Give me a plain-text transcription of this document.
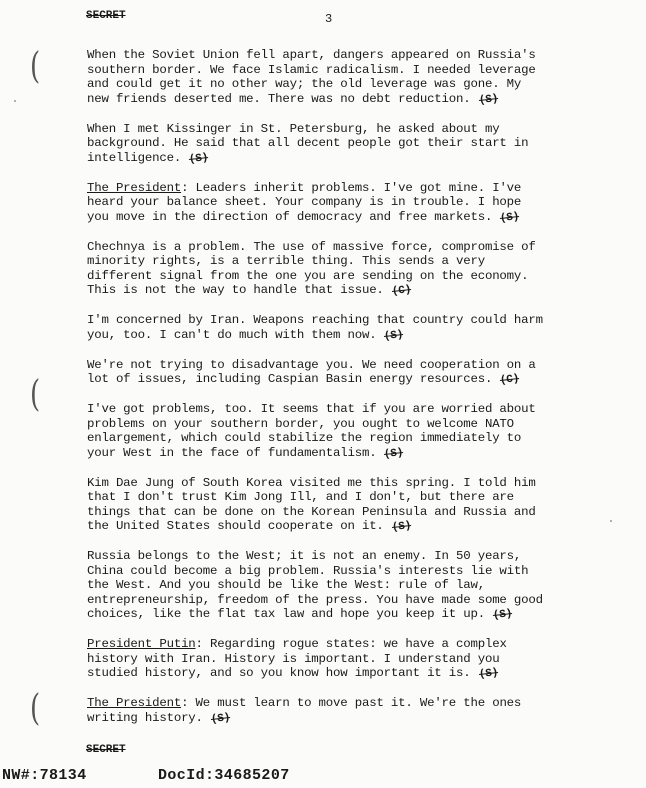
SECRET	3
(
(
(

When the Soviet Union fell apart, dangers appeared on Russia's
southern border. We face Islamic radicalism. I needed leverage
and could get it no other way; the old leverage was gone. My
new friends deserted me. There was no debt reduction. (S)

When I met Kissinger in St. Petersburg, he asked about my
background. He said that all decent people got their start in
intelligence. (S)

The President: Leaders inherit problems. I've got mine. I've
heard your balance sheet. Your company is in trouble. I hope
you move in the direction of democracy and free markets. (S)

Chechnya is a problem. The use of massive force, compromise of
minority rights, is a terrible thing. This sends a very
different signal from the one you are sending on the economy.
This is not the way to handle that issue. (C)

I'm concerned by Iran. Weapons reaching that country could harm
you, too. I can't do much with them now. (S)

We're not trying to disadvantage you. We need cooperation on a
lot of issues, including Caspian Basin energy resources. (C)

I've got problems, too. It seems that if you are worried about
problems on your southern border, you ought to welcome NATO
enlargement, which could stabilize the region immediately to
your West in the face of fundamentalism. (S)

Kim Dae Jung of South Korea visited me this spring. I told him
that I don't trust Kim Jong Ill, and I don't, but there are
things that can be done on the Korean Peninsula and Russia and
the United States should cooperate on it. (S)

Russia belongs to the West; it is not an enemy. In 50 years,
China could become a big problem. Russia's interests lie with
the West. And you should be like the West: rule of law,
entrepreneurship, freedom of the press. You have made some good
choices, like the flat tax law and hope you keep it up. (S)

President Putin: Regarding rogue states: we have a complex
history with Iran. History is important. I understand you
studied history, and so you know how important it is. (S)

The President: We must learn to move past it. We're the ones
writing history. (S)

SECRET
NW#:78134	DocId:34685207
